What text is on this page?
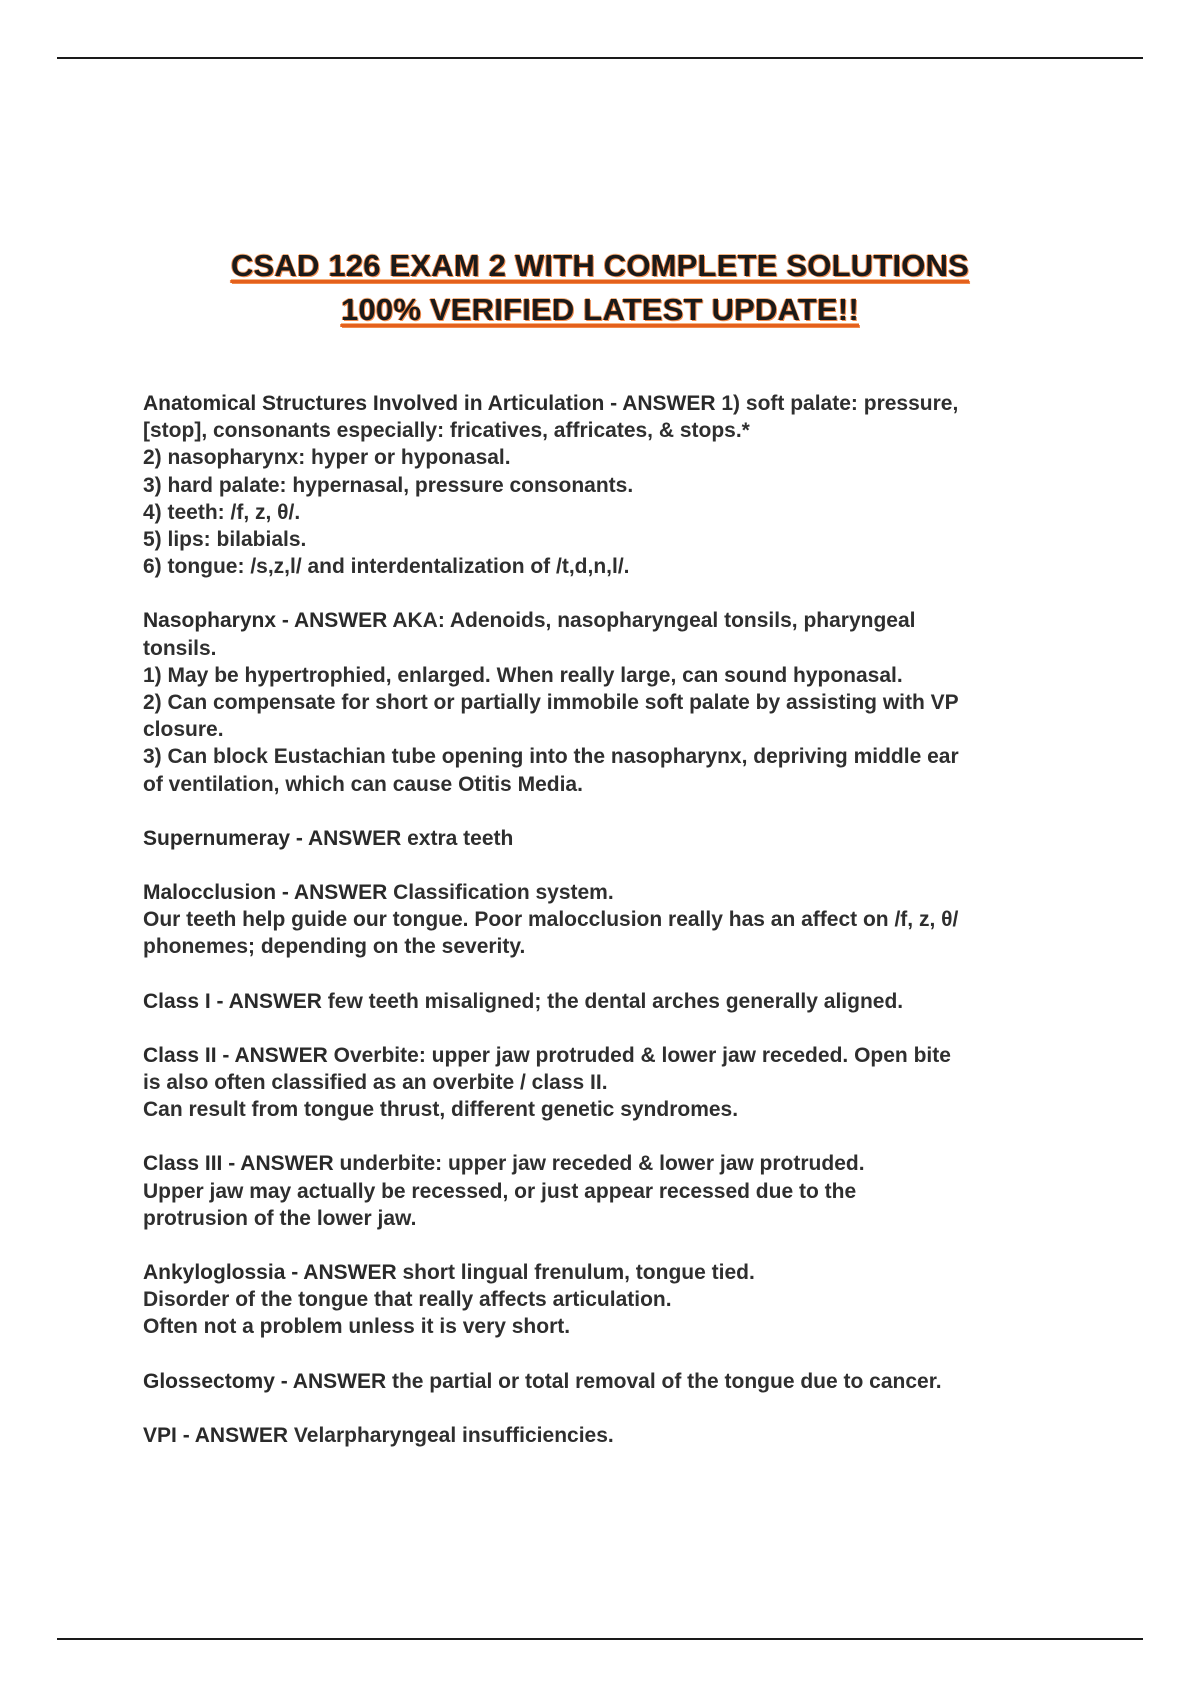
CSAD 126 EXAM 2 WITH COMPLETE SOLUTIONS
100% VERIFIED LATEST UPDATE!!
Anatomical Structures Involved in Articulation - ANSWER 1) soft palate: pressure,
[stop], consonants especially: fricatives, affricates, & stops.*
2) nasopharynx: hyper or hyponasal.
3) hard palate: hypernasal, pressure consonants.
4) teeth: /f, z, θ/.
5) lips: bilabials.
6) tongue: /s,z,l/ and interdentalization of /t,d,n,l/.
Nasopharynx - ANSWER AKA: Adenoids, nasopharyngeal tonsils, pharyngeal
tonsils.
1) May be hypertrophied, enlarged. When really large, can sound hyponasal.
2) Can compensate for short or partially immobile soft palate by assisting with VP
closure.
3) Can block Eustachian tube opening into the nasopharynx, depriving middle ear
of ventilation, which can cause Otitis Media.
Supernumeray - ANSWER extra teeth
Malocclusion - ANSWER Classification system.
Our teeth help guide our tongue. Poor malocclusion really has an affect on /f, z, θ/
phonemes; depending on the severity.
Class I - ANSWER few teeth misaligned; the dental arches generally aligned.
Class II - ANSWER Overbite: upper jaw protruded & lower jaw receded. Open bite
is also often classified as an overbite / class II.
Can result from tongue thrust, different genetic syndromes.
Class III - ANSWER underbite: upper jaw receded & lower jaw protruded.
Upper jaw may actually be recessed, or just appear recessed due to the
protrusion of the lower jaw.
Ankyloglossia - ANSWER short lingual frenulum, tongue tied.
Disorder of the tongue that really affects articulation.
Often not a problem unless it is very short.
Glossectomy - ANSWER the partial or total removal of the tongue due to cancer.
VPI - ANSWER Velarpharyngeal insufficiencies.
